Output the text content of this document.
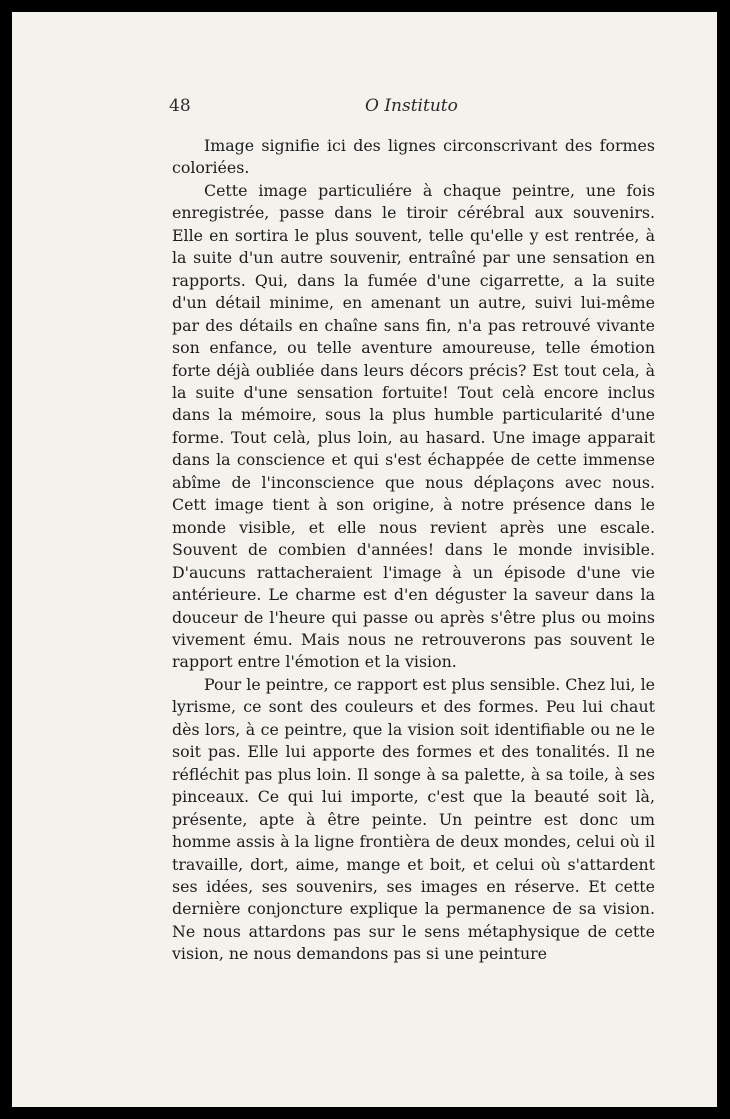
48	O Instituto

Image signifie ici des lignes circonscrivant des formes coloriées.

Cette image particuliére à chaque peintre, une fois enregistrée, passe dans le tiroir cérébral aux souvenirs. Elle en sortira le plus souvent, telle qu'elle y est rentrée, à la suite d'un autre souvenir, entraîné par une sensation en rapports. Qui, dans la fumée d'une cigarrette, a la suite d'un détail minime, en amenant un autre, suivi lui-même par des détails en chaîne sans fin, n'a pas retrouvé vivante son enfance, ou telle aventure amoureuse, telle émotion forte déjà oubliée dans leurs décors précis? Est tout cela, à la suite d'une sensation fortuite! Tout celà encore inclus dans la mémoire, sous la plus humble particularité d'une forme. Tout celà, plus loin, au hasard. Une image apparait dans la conscience et qui s'est échappée de cette immense abîme de l'inconscience que nous déplaçons avec nous. Cett image tient à son origine, à notre présence dans le monde visible, et elle nous revient après une escale. Souvent de combien d'années! dans le monde invisible. D'aucuns rattacheraient l'image à un épisode d'une vie antérieure. Le charme est d'en déguster la saveur dans la douceur de l'heure qui passe ou après s'être plus ou moins vivement ému. Mais nous ne retrouverons pas souvent le rapport entre l'émotion et la vision.

Pour le peintre, ce rapport est plus sensible. Chez lui, le lyrisme, ce sont des couleurs et des formes. Peu lui chaut dès lors, à ce peintre, que la vision soit identifiable ou ne le soit pas. Elle lui apporte des formes et des tonalités. Il ne réfléchit pas plus loin. Il songe à sa palette, à sa toile, à ses pinceaux. Ce qui lui importe, c'est que la beauté soit là, présente, apte à être peinte. Un peintre est donc um homme assis à la ligne frontièra de deux mondes, celui où il travaille, dort, aime, mange et boit, et celui où s'attardent ses idées, ses souvenirs, ses images en réserve. Et cette dernière conjoncture explique la permanence de sa vision. Ne nous attardons pas sur le sens métaphysique de cette vision, ne nous demandons pas si une peinture
